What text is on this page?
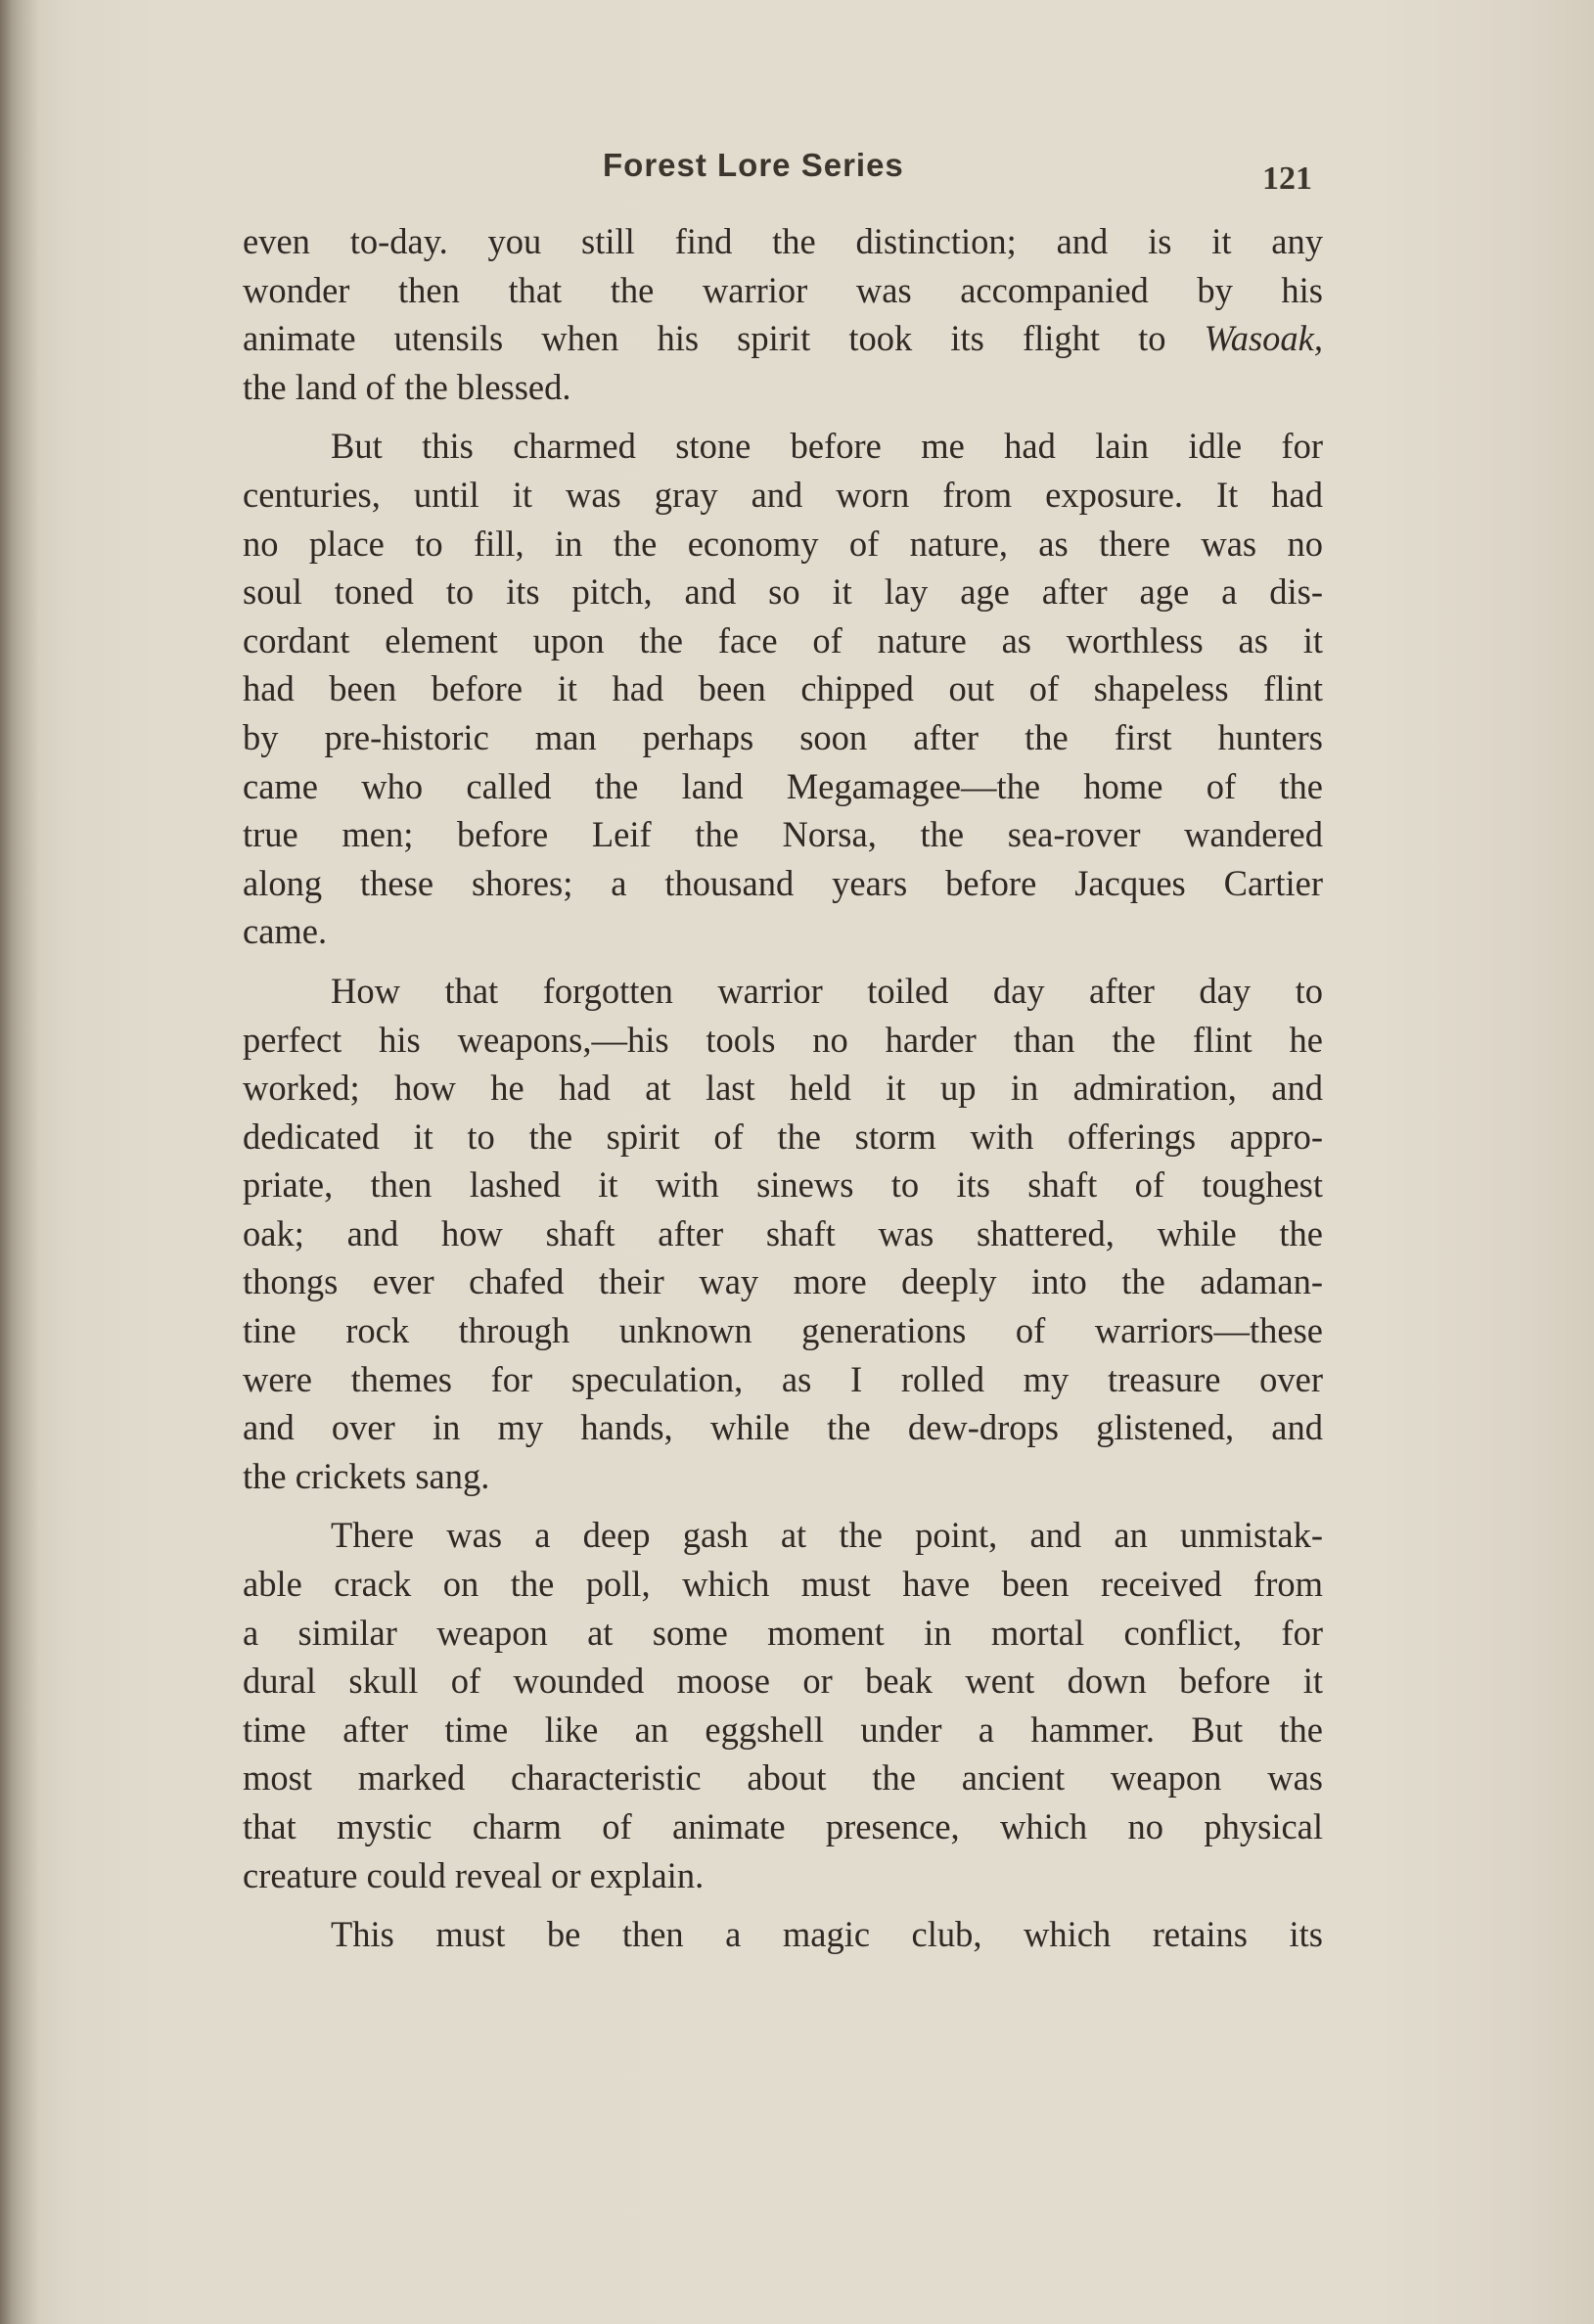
Forest Lore Series	121
even to-day. you still find the distinction; and is it any
wonder then that the warrior was accompanied by his
animate utensils when his spirit took its flight to Wasoak,
the land of the blessed.
But this charmed stone before me had lain idle for
centuries, until it was gray and worn from exposure. It had
no place to fill, in the economy of nature, as there was no
soul toned to its pitch, and so it lay age after age a dis-
cordant element upon the face of nature as worthless as it
had been before it had been chipped out of shapeless flint
by pre-historic man perhaps soon after the first hunters
came who called the land Megamagee—the home of the
true men; before Leif the Norsa, the sea-rover wandered
along these shores; a thousand years before Jacques Cartier
came.
How that forgotten warrior toiled day after day to
perfect his weapons,—his tools no harder than the flint he
worked; how he had at last held it up in admiration, and
dedicated it to the spirit of the storm with offerings appro-
priate, then lashed it with sinews to its shaft of toughest
oak; and how shaft after shaft was shattered, while the
thongs ever chafed their way more deeply into the adaman-
tine rock through unknown generations of warriors—these
were themes for speculation, as I rolled my treasure over
and over in my hands, while the dew-drops glistened, and
the crickets sang.
There was a deep gash at the point, and an unmistak-
able crack on the poll, which must have been received from
a similar weapon at some moment in mortal conflict, for
dural skull of wounded moose or beak went down before it
time after time like an eggshell under a hammer. But the
most marked characteristic about the ancient weapon was
that mystic charm of animate presence, which no physical
creature could reveal or explain.
This must be then a magic club, which retains its
